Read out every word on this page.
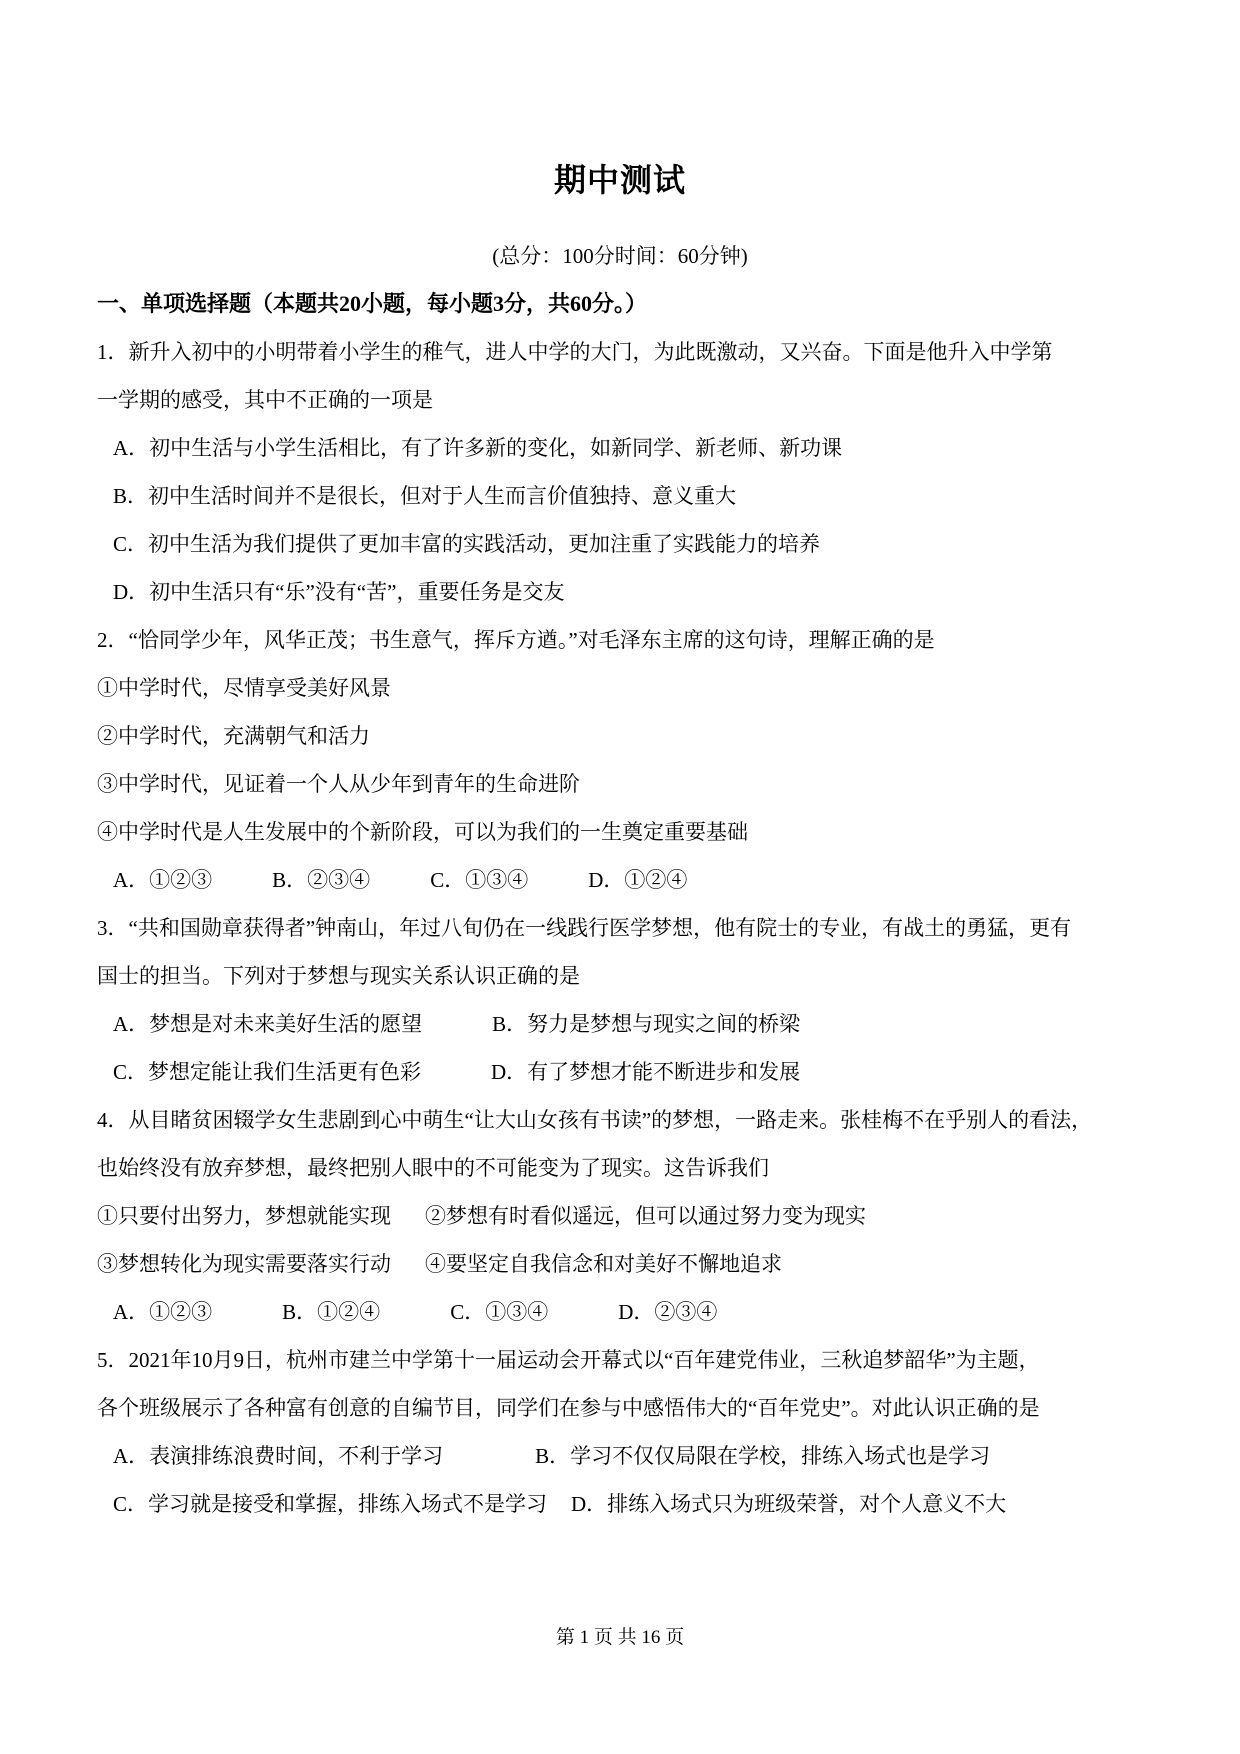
期中测试
(总分：100分时间：60分钟)
一、单项选择题（本题共20小题，每小题3分，共60分。）
1．新升入初中的小明带着小学生的稚气，进人中学的大门，为此既激动，又兴奋。下面是他升入中学第
一学期的感受，其中不正确的一项是
A．初中生活与小学生活相比，有了许多新的变化，如新同学、新老师、新功课
B．初中生活时间并不是很长，但对于人生而言价值独持、意义重大
C．初中生活为我们提供了更加丰富的实践活动，更加注重了实践能力的培养
D．初中生活只有“乐”没有“苦”，重要任务是交友
2．“恰同学少年，风华正茂；书生意气，挥斥方遒。”对毛泽东主席的这句诗，理解正确的是
①中学时代，尽情享受美好风景
②中学时代，充满朝气和活力
③中学时代，见证着一个人从少年到青年的生命进阶
④中学时代是人生发展中的个新阶段，可以为我们的一生奠定重要基础
A．①②③	B．②③④	C．①③④	D．①②④
3．“共和国勋章获得者”钟南山，年过八旬仍在一线践行医学梦想，他有院士的专业，有战土的勇猛，更有
国士的担当。下列对于梦想与现实关系认识正确的是
A．梦想是对未来美好生活的愿望	B．努力是梦想与现实之间的桥梁
C．梦想定能让我们生活更有色彩	D．有了梦想才能不断进步和发展
4．从目睹贫困辍学女生悲剧到心中萌生“让大山女孩有书读”的梦想，一路走来。张桂梅不在乎别人的看法，
也始终没有放弃梦想，最终把别人眼中的不可能变为了现实。这告诉我们
①只要付出努力，梦想就能实现 ②梦想有时看似遥远，但可以通过努力变为现实
③梦想转化为现实需要落实行动 ④要坚定自我信念和对美好不懈地追求
A．①②③	B．①②④	C．①③④	D．②③④
5．2021年10月9日，杭州市建兰中学第十一届运动会开幕式以“百年建党伟业，三秋追梦韶华”为主题，
各个班级展示了各种富有创意的自编节目，同学们在参与中感悟伟大的“百年党史”。对此认识正确的是
A．表演排练浪费时间，不利于学习	B．学习不仅仅局限在学校，排练入场式也是学习
C．学习就是接受和掌握，排练入场式不是学习 D．排练入场式只为班级荣誉，对个人意义不大
第 1 页 共 16 页
